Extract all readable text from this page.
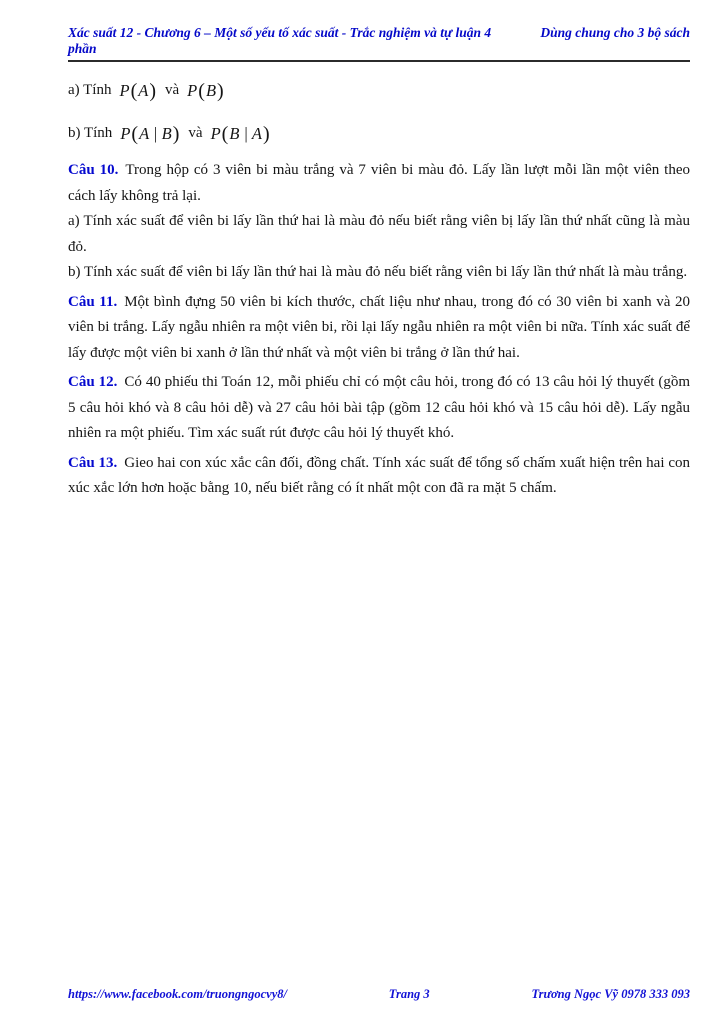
Xác suất 12 - Chương 6 – Một số yếu tố xác suất - Trắc nghiệm và tự luận 4 phần
Dùng chung cho 3 bộ sách
a) Tính P(A) và P(B)
b) Tính P(A | B) và P(B | A)

Câu 10. Trong hộp có 3 viên bi màu trắng và 7 viên bi màu đỏ. Lấy lần lượt mỗi lần một viên theo cách lấy không trả lại.

a) Tính xác suất để viên bi lấy lần thứ hai là màu đỏ nếu biết rằng viên bị lấy lần thứ nhất cũng là màu đỏ.

b) Tính xác suất để viên bi lấy lần thứ hai là màu đỏ nếu biết rằng viên bi lấy lần thứ nhất là màu trắng.

Câu 11. Một bình đựng 50 viên bi kích thước, chất liệu như nhau, trong đó có 30 viên bi xanh và 20 viên bi trắng. Lấy ngẫu nhiên ra một viên bi, rồi lại lấy ngẫu nhiên ra một viên bi nữa. Tính xác suất để lấy được một viên bi xanh ở lần thứ nhất và một viên bi trắng ở lần thứ hai.

Câu 12. Có 40 phiếu thi Toán 12, mỗi phiếu chỉ có một câu hỏi, trong đó có 13 câu hỏi lý thuyết (gồm 5 câu hỏi khó và 8 câu hỏi dễ) và 27 câu hỏi bài tập (gồm 12 câu hỏi khó và 15 câu hỏi dễ). Lấy ngẫu nhiên ra một phiếu. Tìm xác suất rút được câu hỏi lý thuyết khó.

Câu 13. Gieo hai con xúc xắc cân đối, đồng chất. Tính xác suất để tổng số chấm xuất hiện trên hai con xúc xắc lớn hơn hoặc bằng 10, nếu biết rằng có ít nhất một con đã ra mặt 5 chấm.

https://www.facebook.com/truongngocvy8/	Trang 3	Trương Ngọc Vỹ 0978 333 093
